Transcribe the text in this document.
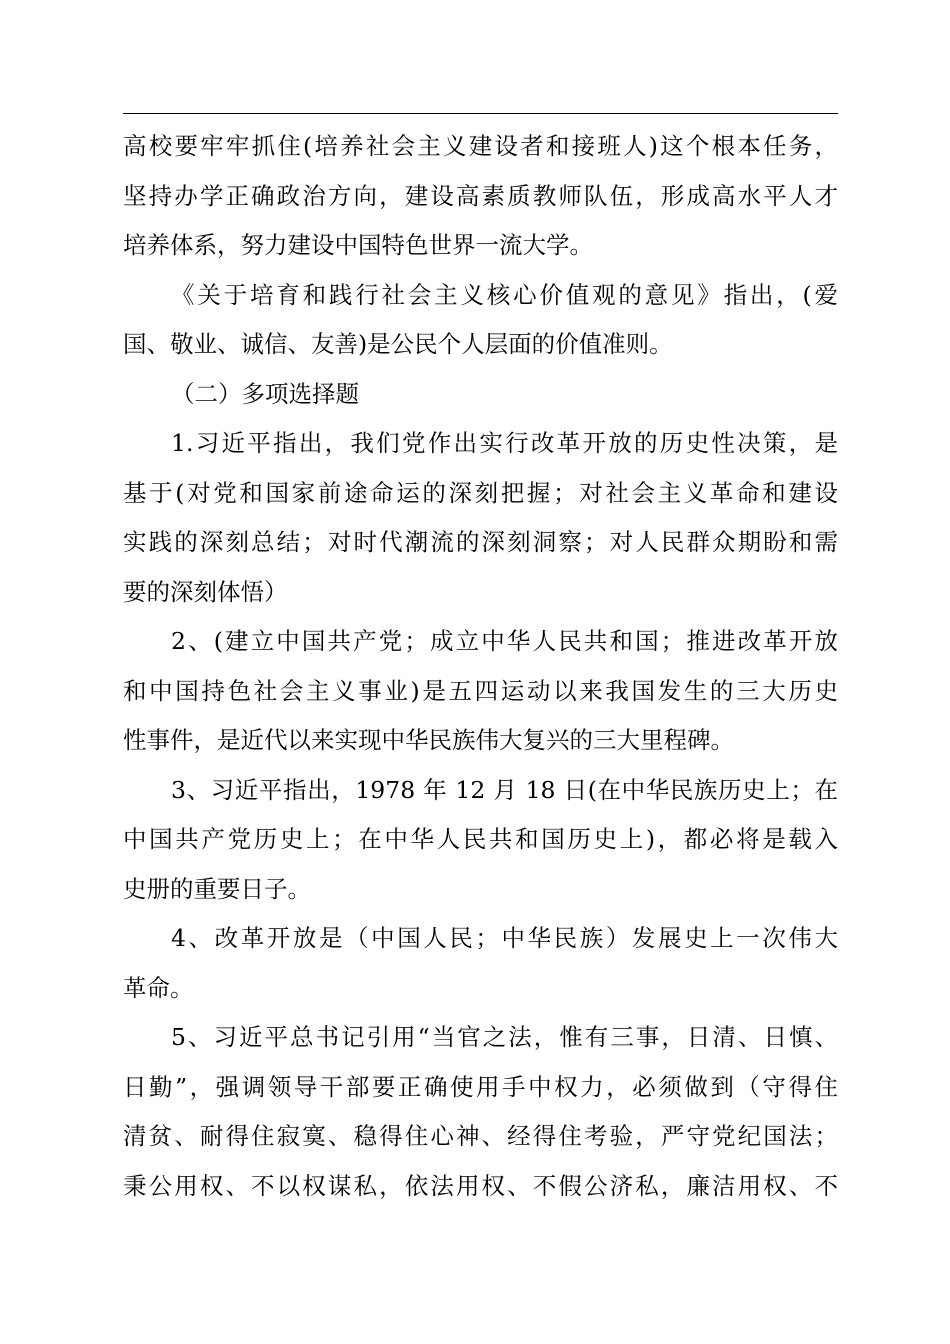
高校要牢牢抓住(培养社会主义建设者和接班人)这个根本任务，
坚持办学正确政治方向，建设高素质教师队伍，形成高水平人才
培养体系，努力建设中国特色世界一流大学。
《关于培育和践行社会主义核心价值观的意见》指出，(爱
国、敬业、诚信、友善)是公民个人层面的价值准则。
（二）多项选择题
1.习近平指出，我们党作出实行改革开放的历史性决策，是
基于(对党和国家前途命运的深刻把握；对社会主义革命和建设
实践的深刻总结；对时代潮流的深刻洞察；对人民群众期盼和需
要的深刻体悟）
2、(建立中国共产党；成立中华人民共和国；推进改革开放
和中国持色社会主义事业)是五四运动以来我国发生的三大历史
性事件，是近代以来实现中华民族伟大复兴的三大里程碑。
3、习近平指出，1978 年 12 月 18 日(在中华民族历史上；在
中国共产党历史上；在中华人民共和国历史上)，都必将是载入
史册的重要日子。
4、改革开放是（中国人民；中华民族）发展史上一次伟大
革命。
5、习近平总书记引用“当官之法，惟有三事，日清、日慎、
日勤”，强调领导干部要正确使用手中权力，必须做到（守得住
清贫、耐得住寂寞、稳得住心神、经得住考验，严守党纪国法；
秉公用权、不以权谋私，依法用权、不假公济私，廉洁用权、不
